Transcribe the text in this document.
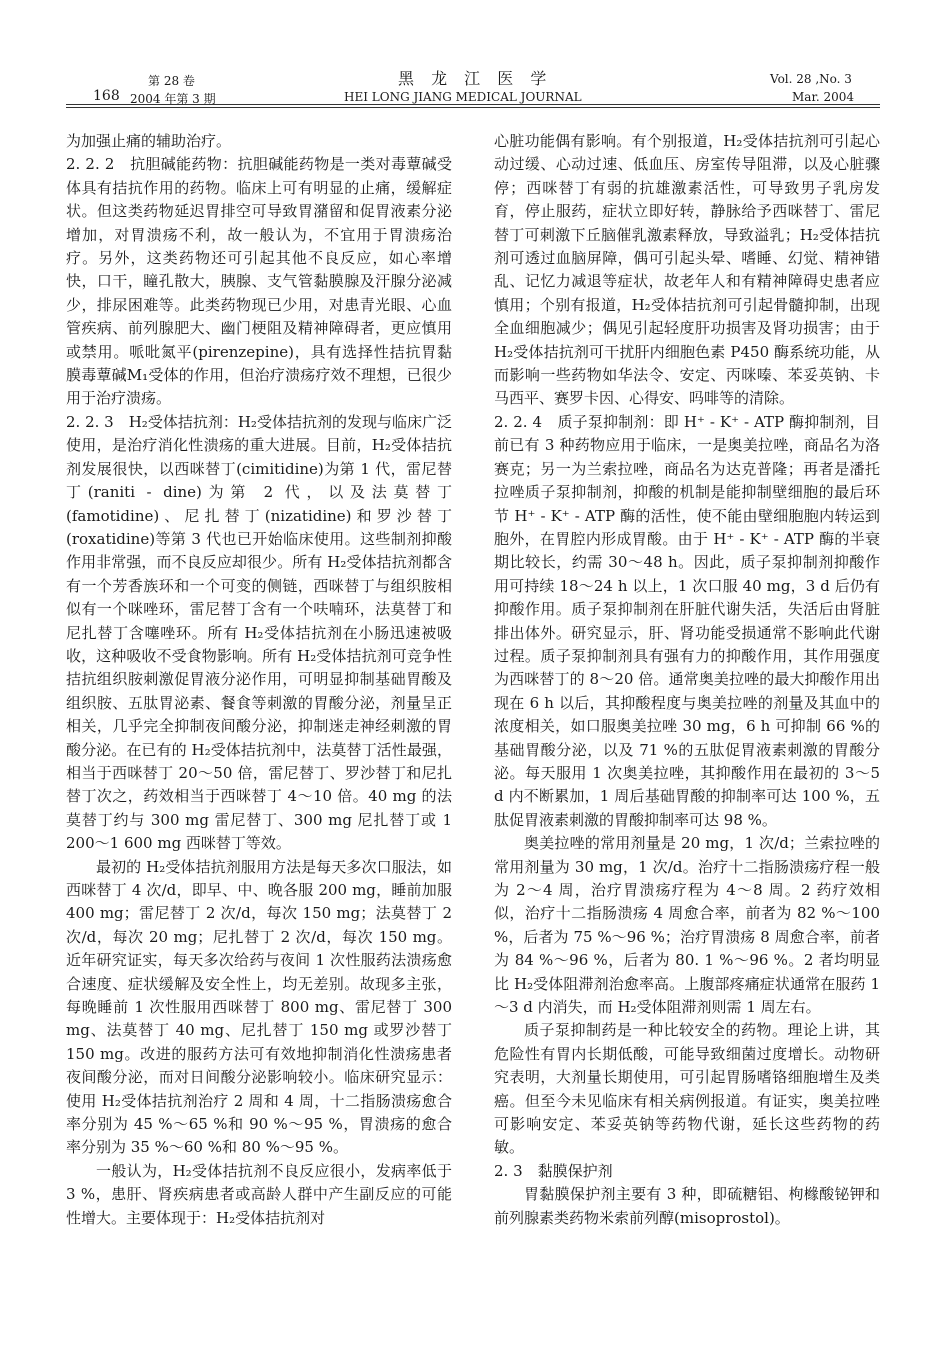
第 28 卷
168 2004 年第 3 期
黑 龙 江 医 学
HEI LONG JIANG MEDICAL JOURNAL
Vol. 28 ,No. 3
Mar. 2004

为加强止痛的辅助治疗。

2. 2. 2　抗胆碱能药物：抗胆碱能药物是一类对毒蕈碱受体具有拮抗作用的药物。临床上可有明显的止痛，缓解症状。但这类药物延迟胃排空可导致胃潴留和促胃液素分泌增加，对胃溃疡不利，故一般认为，不宜用于胃溃疡治疗。另外，这类药物还可引起其他不良反应，如心率增快，口干，瞳孔散大，胰腺、支气管黏膜腺及汗腺分泌减少，排尿困难等。此类药物现已少用，对患青光眼、心血管疾病、前列腺肥大、幽门梗阻及精神障碍者，更应慎用或禁用。哌吡氮平(pirenzepine)，具有选择性拮抗胃黏膜毒蕈碱M₁受体的作用，但治疗溃疡疗效不理想，已很少用于治疗溃疡。

2. 2. 3　H₂受体拮抗剂：H₂受体拮抗剂的发现与临床广泛使用，是治疗消化性溃疡的重大进展。目前，H₂受体拮抗剂发展很快，以西咪替丁(cimitidine)为第 1 代，雷尼替丁(raniti - dine)为第 2 代，以及法莫替丁(famotidine)、尼扎替丁(nizatidine)和罗沙替丁(roxatidine)等第 3 代也已开始临床使用。这些制剂抑酸作用非常强，而不良反应却很少。所有 H₂受体拮抗剂都含有一个芳香族环和一个可变的侧链，西咪替丁与组织胺相似有一个咪唑环，雷尼替丁含有一个呋喃环，法莫替丁和尼扎替丁含噻唑环。所有 H₂受体拮抗剂在小肠迅速被吸收，这种吸收不受食物影响。所有 H₂受体拮抗剂可竞争性拮抗组织胺刺激促胃液分泌作用，可明显抑制基础胃酸及组织胺、五肽胃泌素、餐食等刺激的胃酸分泌，剂量呈正相关，几乎完全抑制夜间酸分泌，抑制迷走神经刺激的胃酸分泌。在已有的 H₂受体拮抗剂中，法莫替丁活性最强，相当于西咪替丁 20～50 倍，雷尼替丁、罗沙替丁和尼扎替丁次之，药效相当于西咪替丁 4～10 倍。40 mg 的法莫替丁约与 300 mg 雷尼替丁、300 mg 尼扎替丁或 1 200～1 600 mg 西咪替丁等效。

最初的 H₂受体拮抗剂服用方法是每天多次口服法，如西咪替丁 4 次/d，即早、中、晚各服 200 mg，睡前加服 400 mg；雷尼替丁 2 次/d，每次 150 mg；法莫替丁 2 次/d，每次 20 mg；尼扎替丁 2 次/d，每次 150 mg。近年研究证实，每天多次给药与夜间 1 次性服药法溃疡愈合速度、症状缓解及安全性上，均无差别。故现多主张，每晚睡前 1 次性服用西咪替丁 800 mg、雷尼替丁 300 mg、法莫替丁 40 mg、尼扎替丁 150 mg 或罗沙替丁 150 mg。改进的服药方法可有效地抑制消化性溃疡患者夜间酸分泌，而对日间酸分泌影响较小。临床研究显示：使用 H₂受体拮抗剂治疗 2 周和 4 周，十二指肠溃疡愈合率分别为 45 %～65 %和 90 %～95 %，胃溃疡的愈合率分别为 35 %～60 %和 80 %～95 %。

一般认为，H₂受体拮抗剂不良反应很小，发病率低于 3 %，患肝、肾疾病患者或高龄人群中产生副反应的可能性增大。主要体现于：H₂受体拮抗剂对

心脏功能偶有影响。有个别报道，H₂受体拮抗剂可引起心动过缓、心动过速、低血压、房室传导阻滞，以及心脏骤停；西咪替丁有弱的抗雄激素活性，可导致男子乳房发育，停止服药，症状立即好转，静脉给予西咪替丁、雷尼替丁可刺激下丘脑催乳激素释放，导致溢乳；H₂受体拮抗剂可透过血脑屏障，偶可引起头晕、嗜睡、幻觉、精神错乱、记忆力减退等症状，故老年人和有精神障碍史患者应慎用；个别有报道，H₂受体拮抗剂可引起骨髓抑制，出现全血细胞减少；偶见引起轻度肝功损害及肾功损害；由于 H₂受体拮抗剂可干扰肝内细胞色素 P450 酶系统功能，从而影响一些药物如华法令、安定、丙咪嗪、苯妥英钠、卡马西平、赛罗卡因、心得安、吗啡等的清除。

2. 2. 4　质子泵抑制剂：即 H⁺ - K⁺ - ATP 酶抑制剂，目前已有 3 种药物应用于临床，一是奥美拉唑，商品名为洛赛克；另一为兰索拉唑，商品名为达克普隆；再者是潘托拉唑质子泵抑制剂，抑酸的机制是能抑制壁细胞的最后环节 H⁺ - K⁺ - ATP 酶的活性，使不能由壁细胞胞内转运到胞外，在胃腔内形成胃酸。由于 H⁺ - K⁺ - ATP 酶的半衰期比较长，约需 30～48 h。因此，质子泵抑制剂抑酸作用可持续 18～24 h 以上，1 次口服 40 mg，3 d 后仍有抑酸作用。质子泵抑制剂在肝脏代谢失活，失活后由肾脏排出体外。研究显示，肝、肾功能受损通常不影响此代谢过程。质子泵抑制剂具有强有力的抑酸作用，其作用强度为西咪替丁的 8～20 倍。通常奥美拉唑的最大抑酸作用出现在 6 h 以后，其抑酸程度与奥美拉唑的剂量及其血中的浓度相关，如口服奥美拉唑 30 mg，6 h 可抑制 66 %的基础胃酸分泌，以及 71 %的五肽促胃液素刺激的胃酸分泌。每天服用 1 次奥美拉唑，其抑酸作用在最初的 3～5 d 内不断累加，1 周后基础胃酸的抑制率可达 100 %，五肽促胃液素刺激的胃酸抑制率可达 98 %。

奥美拉唑的常用剂量是 20 mg，1 次/d；兰索拉唑的常用剂量为 30 mg，1 次/d。治疗十二指肠溃疡疗程一般为 2～4 周，治疗胃溃疡疗程为 4～8 周。2 药疗效相似，治疗十二指肠溃疡 4 周愈合率，前者为 82 %～100 %，后者为 75 %～96 %；治疗胃溃疡 8 周愈合率，前者为 84 %～96 %，后者为 80. 1 %～96 %。2 者均明显比 H₂受体阻滞剂治愈率高。上腹部疼痛症状通常在服药 1～3 d 内消失，而 H₂受体阻滞剂则需 1 周左右。

质子泵抑制药是一种比较安全的药物。理论上讲，其危险性有胃内长期低酸，可能导致细菌过度增长。动物研究表明，大剂量长期使用，可引起胃肠嗜铬细胞增生及类癌。但至今未见临床有相关病例报道。有证实，奥美拉唑可影响安定、苯妥英钠等药物代谢，延长这些药物的药敏。

2. 3　黏膜保护剂

胃黏膜保护剂主要有 3 种，即硫糖铝、枸橼酸铋钾和前列腺素类药物米索前列醇(misoprostol)。
